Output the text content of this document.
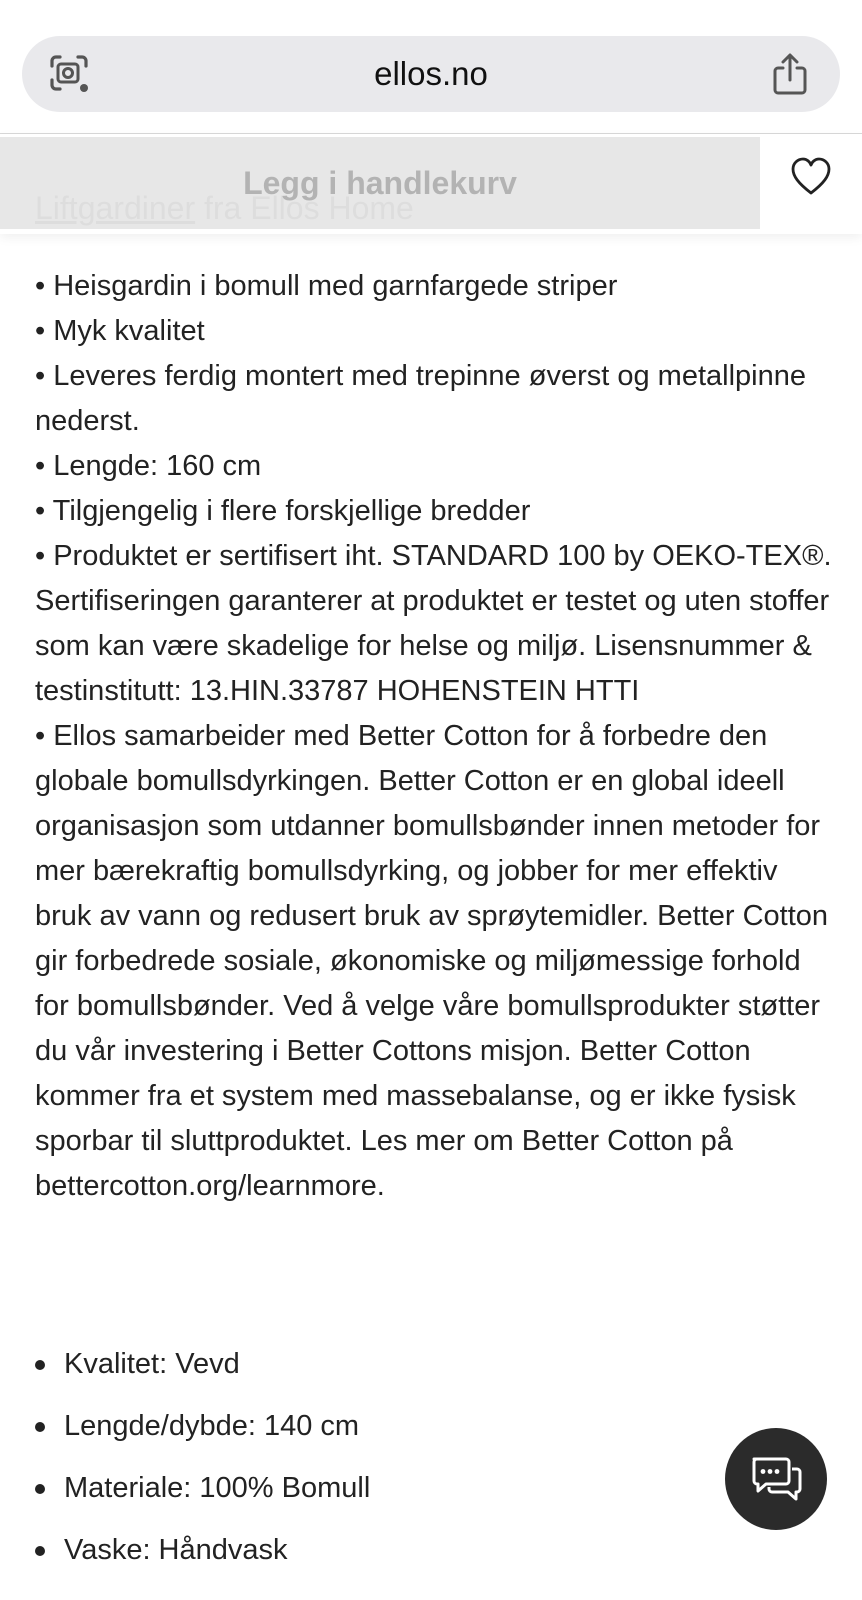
ellos.no
Legg i handlekurv

• Heisgardin i bomull med garnfargede striper

• Myk kvalitet

• Leveres ferdig montert med trepinne øverst og metallpinne nederst.

• Lengde: 160 cm

• Tilgjengelig i flere forskjellige bredder

• Produktet er sertifisert iht. STANDARD 100 by OEKO-TEX®. Sertifiseringen garanterer at produktet er testet og uten stoffer som kan være skadelige for helse og miljø. Lisensnummer & testinstitutt: 13.HIN.33787 HOHENSTEIN HTTI

• Ellos samarbeider med Better Cotton for å forbedre den globale bomullsdyrkingen. Better Cotton er en global ideell organisasjon som utdanner bomullsbønder innen metoder for mer bærekraftig bomullsdyrking, og jobber for mer effektiv bruk av vann og redusert bruk av sprøytemidler. Better Cotton gir forbedrede sosiale, økonomiske og miljømessige forhold for bomullsbønder. Ved å velge våre bomullsprodukter støtter du vår investering i Better Cottons misjon. Better Cotton kommer fra et system med massebalanse, og er ikke fysisk sporbar til sluttproduktet. Les mer om Better Cotton på bettercotton.org/learnmore.

Kvalitet: Vevd
Lengde/dybde: 140 cm
Materiale: 100% Bomull
Vaske: Håndvask
